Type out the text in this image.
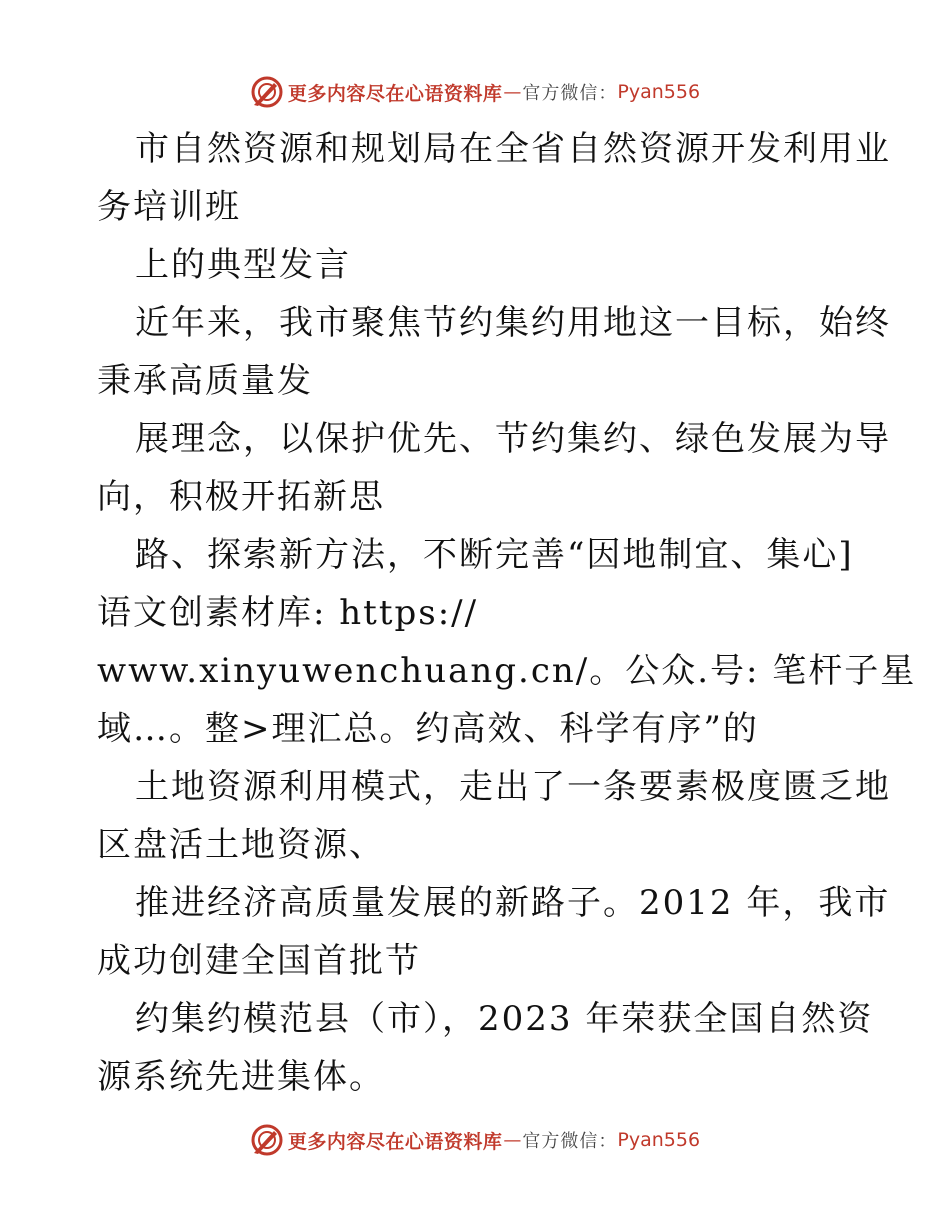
更多内容尽在心语资料库 — 官方微信： Pyan556
市自然资源和规划局在全省自然资源开发利用业
务培训班
上的典型发言
近年来，我市聚焦节约集约用地这一目标，始终
秉承高质量发
展理念，以保护优先、节约集约、绿色发展为导
向，积极开拓新思
路、探索新方法，不断完善“因地制宜、集心]
语文创素材库: https://
www.xinyuwenchuang.cn/。公众.号: 笔杆子星
域…。整>理汇总。约高效、科学有序”的
土地资源利用模式，走出了一条要素极度匮乏地
区盘活土地资源、
推进经济高质量发展的新路子。2012 年，我市
成功创建全国首批节
约集约模范县（市），2023 年荣获全国自然资
源系统先进集体。
更多内容尽在心语资料库 — 官方微信： Pyan556
